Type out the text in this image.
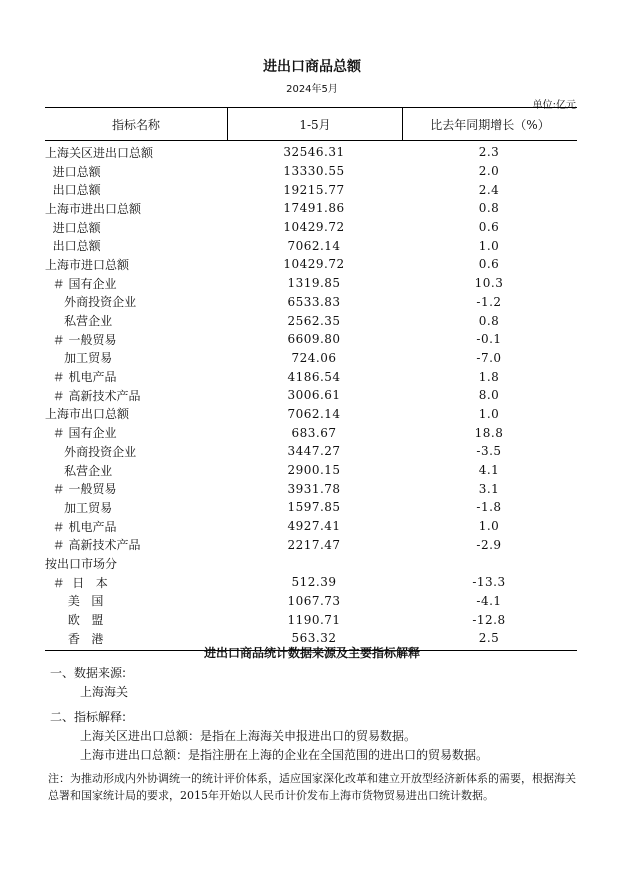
进出口商品总额
2024年5月
单位:亿元
指标名称	1-5月	比去年同期增长（%）
上海关区进出口总额	32546.31	2.3
进口总额	13330.55	2.0
出口总额	19215.77	2.4
上海市进出口总额	17491.86	0.8
进口总额	10429.72	0.6
出口总额	7062.14	1.0
上海市进口总额	10429.72	0.6
＃ 国有企业	1319.85	10.3
外商投资企业	6533.83	-1.2
私营企业	2562.35	0.8
＃ 一般贸易	6609.80	-0.1
加工贸易	724.06	-7.0
＃ 机电产品	4186.54	1.8
＃ 高新技术产品	3006.61	8.0
上海市出口总额	7062.14	1.0
＃ 国有企业	683.67	18.8
外商投资企业	3447.27	-3.5
私营企业	2900.15	4.1
＃ 一般贸易	3931.78	3.1
加工贸易	1597.85	-1.8
＃ 机电产品	4927.41	1.0
＃ 高新技术产品	2217.47	-2.9
按出口市场分
＃  日   本	512.39	-13.3
美   国	1067.73	-4.1
欧   盟	1190.71	-12.8
香   港	563.32	2.5
进出口商品统计数据来源及主要指标解释
一、数据来源:
上海海关
二、指标解释:
上海关区进出口总额：是指在上海海关申报进出口的贸易数据。
上海市进出口总额：是指注册在上海的企业在全国范围的进出口的贸易数据。
注：为推动形成内外协调统一的统计评价体系，适应国家深化改革和建立开放型经济新体系的需要，根据海关总署和国家统计局的要求，2015年开始以人民币计价发布上海市货物贸易进出口统计数据。
